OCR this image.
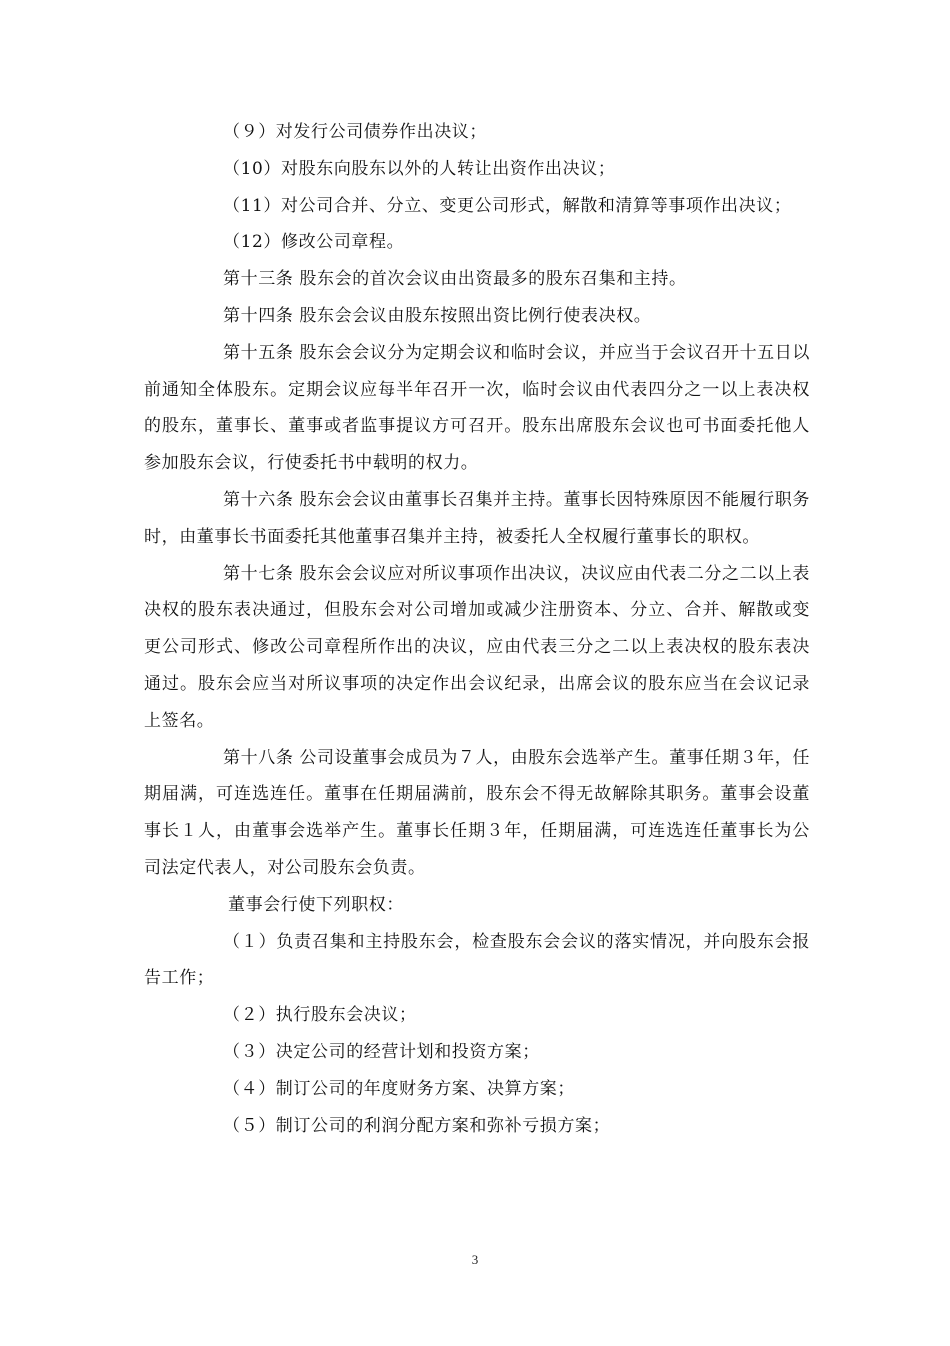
（９）对发行公司债券作出决议；

（10）对股东向股东以外的人转让出资作出决议；

（11）对公司合并、分立、变更公司形式，解散和清算等事项作出决议；

（12）修改公司章程。

第十三条 股东会的首次会议由出资最多的股东召集和主持。

第十四条 股东会会议由股东按照出资比例行使表决权。

第十五条 股东会会议分为定期会议和临时会议，并应当于会议召开十五日以前通知全体股东。定期会议应每半年召开一次，临时会议由代表四分之一以上表决权的股东，董事长、董事或者监事提议方可召开。股东出席股东会议也可书面委托他人参加股东会议，行使委托书中载明的权力。

第十六条 股东会会议由董事长召集并主持。董事长因特殊原因不能履行职务时，由董事长书面委托其他董事召集并主持，被委托人全权履行董事长的职权。

第十七条 股东会会议应对所议事项作出决议，决议应由代表二分之二以上表决权的股东表决通过，但股东会对公司增加或减少注册资本、分立、合并、解散或变更公司形式、修改公司章程所作出的决议，应由代表三分之二以上表决权的股东表决通过。股东会应当对所议事项的决定作出会议纪录，出席会议的股东应当在会议记录上签名。

第十八条 公司设董事会成员为７人，由股东会选举产生。董事任期３年，任期届满，可连选连任。董事在任期届满前，股东会不得无故解除其职务。董事会设董事长１人，由董事会选举产生。董事长任期３年，任期届满，可连选连任董事长为公司法定代表人，对公司股东会负责。

董事会行使下列职权：

（１）负责召集和主持股东会，检查股东会会议的落实情况，并向股东会报告工作；

（２）执行股东会决议；

（３）决定公司的经营计划和投资方案；

（４）制订公司的年度财务方案、决算方案；

（５）制订公司的利润分配方案和弥补亏损方案；

3
